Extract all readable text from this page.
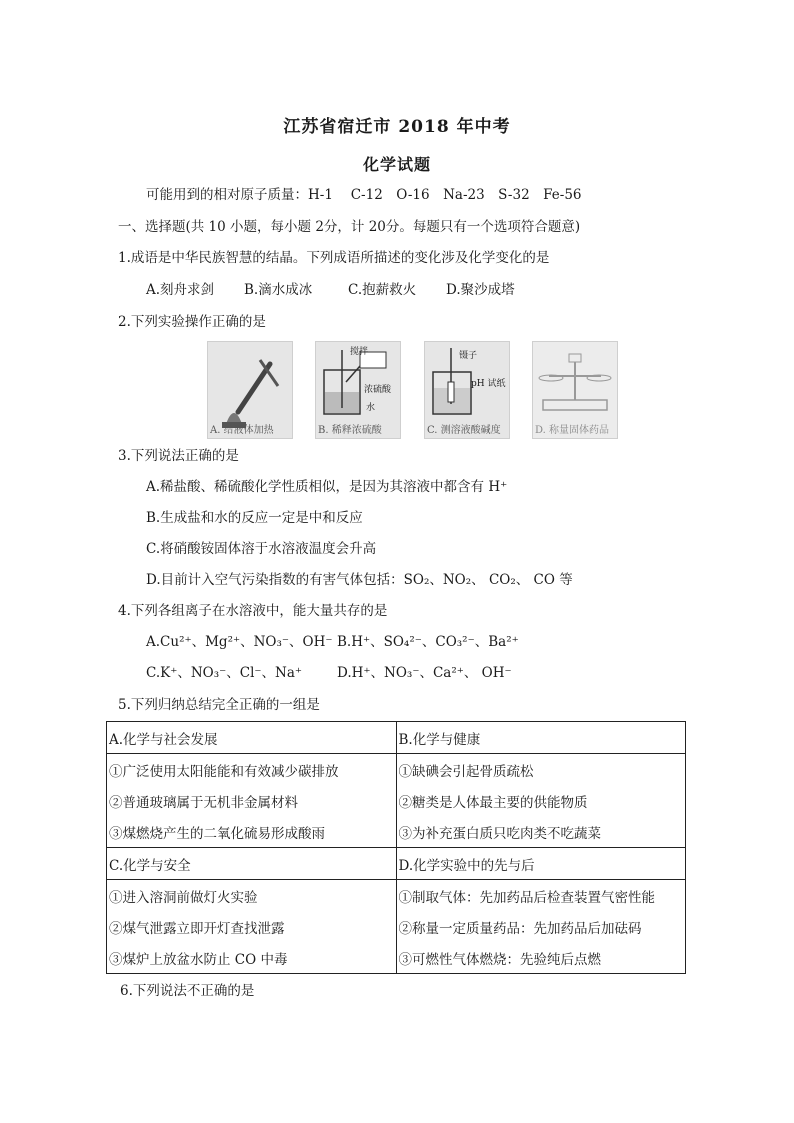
江苏省宿迁市 2018 年中考
化学试题
可能用到的相对原子质量：H-1　 C-12　O-16　Na-23　S-32　Fe-56
一、选择题(共 10 小题，每小题 2分，计 20分。每题只有一个选项符合题意)
1.成语是中华民族智慧的结晶。下列成语所描述的变化涉及化学变化的是
A.刻舟求剑 B.滴水成冰	C.抱薪救火 D.聚沙成塔
2.下列实验操作正确的是
A. 给液体加热
搅拌
浓硫酸
水
B. 稀释浓硫酸
镊子
pH 试纸
C. 测溶液酸碱度	D. 称量固体药品
3.下列说法正确的是
A.稀盐酸、稀硫酸化学性质相似，是因为其溶液中都含有 H⁺
B.生成盐和水的反应一定是中和反应
C.将硝酸铵固体溶于水溶液温度会升高
D.目前计入空气污染指数的有害气体包括：SO₂、NO₂、 CO₂、 CO 等
4.下列各组离子在水溶液中，能大量共存的是
A.Cu²⁺、Mg²⁺、NO₃⁻、OH⁻ B.H⁺、SO₄²⁻、CO₃²⁻、Ba²⁺
C.K⁺、NO₃⁻、Cl⁻、Na⁺	D.H⁺、NO₃⁻、Ca²⁺、 OH⁻
5.下列归纳总结完全正确的一组是
A.化学与社会发展	B.化学与健康
①广泛使用太阳能能和有效减少碳排放	①缺碘会引起骨质疏松
②普通玻璃属于无机非金属材料	②糖类是人体最主要的供能物质
③煤燃烧产生的二氧化硫易形成酸雨	③为补充蛋白质只吃肉类不吃蔬菜
C.化学与安全	D.化学实验中的先与后
①进入溶洞前做灯火实验	①制取气体：先加药品后检查装置气密性能
②煤气泄露立即开灯查找泄露	②称量一定质量药品：先加药品后加砝码
③煤炉上放盆水防止 CO 中毒	③可燃性气体燃烧：先验纯后点燃
6.下列说法不正确的是
